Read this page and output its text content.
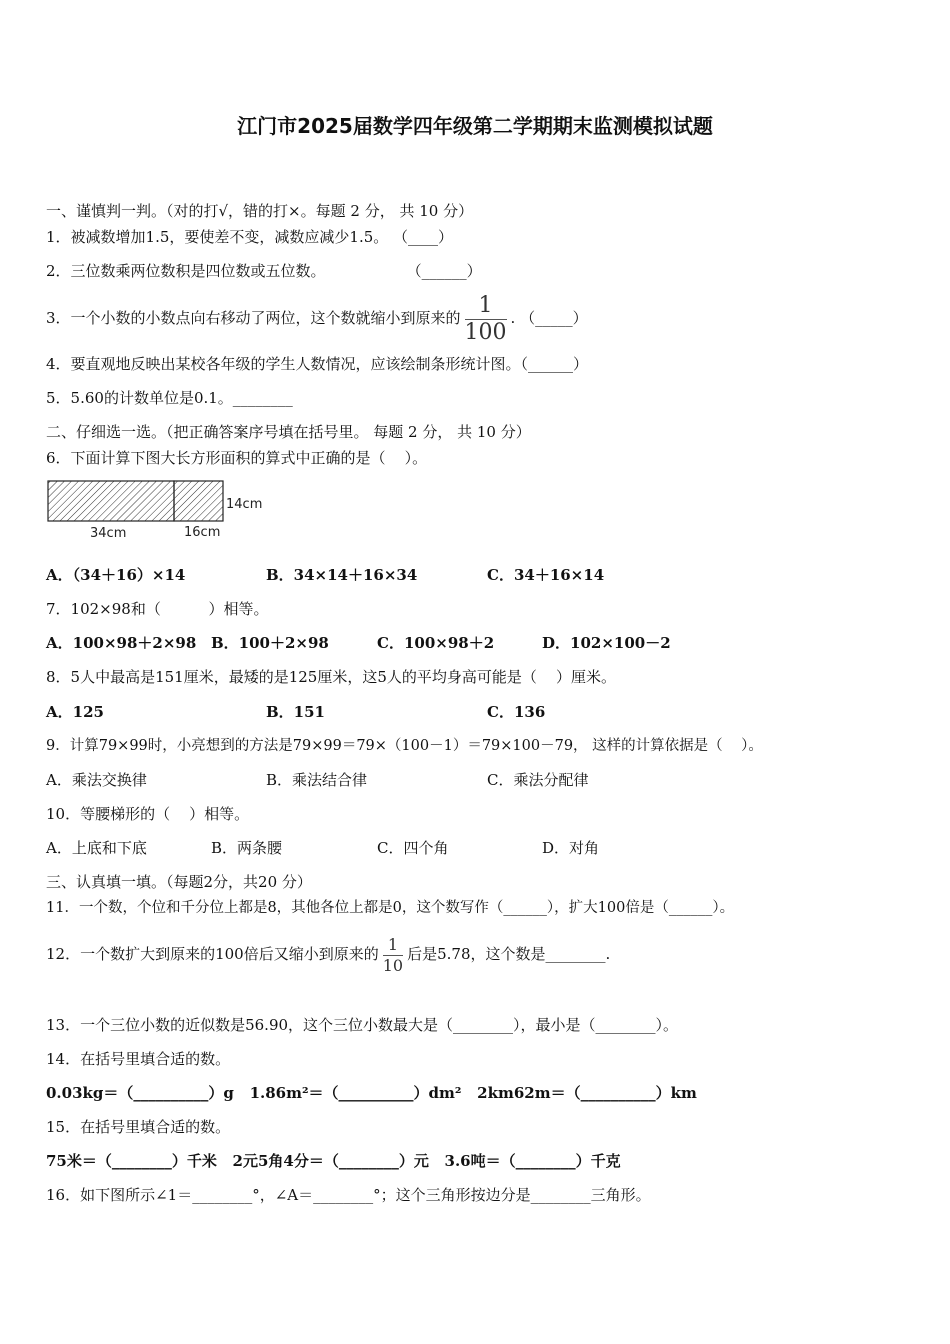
江门市2025届数学四年级第二学期期末监测模拟试题
一、谨慎判一判。（对的打√，错的打×。每题 2 分， 共 10 分）
1．被减数增加1.5，要使差不变，减数应减少1.5。 （____）
2．三位数乘两位数积是四位数或五位数。                 （______）
3．一个小数的小数点向右移动了两位，这个数就缩小到原来的 $\frac{1}{100}$ . （_____）
4．要直观地反映出某校各年级的学生人数情况，应该绘制条形统计图。（______）
5．5.60的计数单位是0.1。________
二、仔细选一选。（把正确答案序号填在括号里。 每题 2 分， 共 10 分）
6．下面计算下图大长方形面积的算式中正确的是（    ）。
14cm
34cm	16cm
A．（34＋16）×14	B．34×14＋16×34	C．34＋16×14
7．102×98和（          ）相等。
A．100×98＋2×98 B．100＋2×98	C．100×98＋2	D．102×100－2
8．5人中最高是151厘米，最矮的是125厘米，这5人的平均身高可能是（    ）厘米。
A．125	B．151	C．136
9．计算79×99时，小亮想到的方法是79×99＝79×（100－1）＝79×100－79， 这样的计算依据是（    ）。
A．乘法交换律	B．乘法结合律	C．乘法分配律
10．等腰梯形的（    ）相等。
A．上底和下底	B．两条腰	C．四个角	D．对角
三、认真填一填。（每题2分，共20 分）
11．一个数，个位和千分位上都是8，其他各位上都是0，这个数写作（______），扩大100倍是（______）。
12．一个数扩大到原来的100倍后又缩小到原来的 $\frac{1}{10}$ 后是5.78，这个数是________.
13．一个三位小数的近似数是56.90，这个三位小数最大是（________），最小是（________）。
14．在括号里填合适的数。
0.03kg＝（__________）g   1.86m²＝（__________）dm²   2km62m＝（__________）km
15．在括号里填合适的数。
75米＝（________）千米   2元5角4分＝（________）元   3.6吨＝（________）千克
16．如下图所示∠1＝________°，∠A＝________°；这个三角形按边分是________三角形。
